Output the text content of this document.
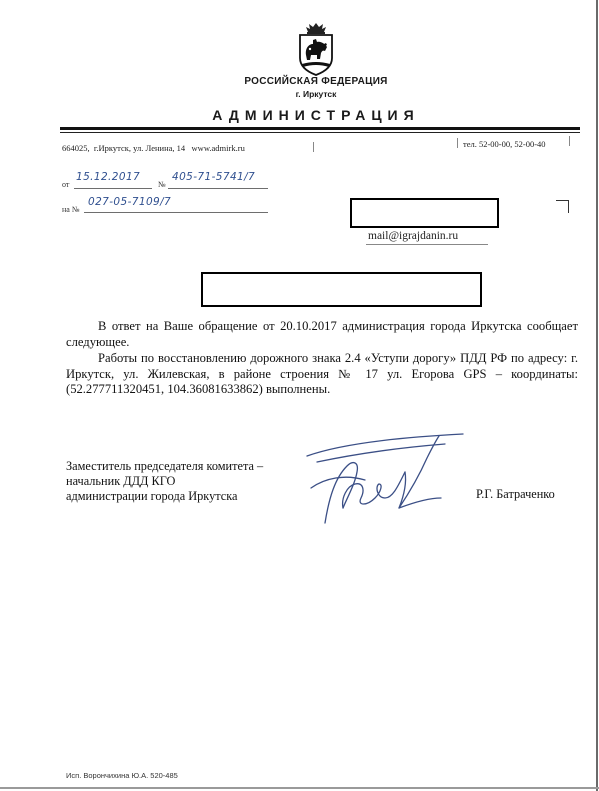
РОССИЙСКАЯ ФЕДЕРАЦИЯ
г. Иркутск
АДМИНИСТРАЦИЯ
664025,  г.Иркутск, ул. Ленина, 14 www.admirk.ru	тел. 52-00-00, 52-00-40
от
15.12.2017
№
405-71-5741/7
на №
027-05-7109/7
mail@igrajdanin.ru
В ответ на Ваше обращение от 20.10.2017 администрация города Иркутска сообщает следующее.
Работы по восстановлению дорожного знака 2.4 «Уступи дорогу» ПДД РФ по адресу: г. Иркутск, ул. Жилевская, в районе строения № 17 ул. Егорова GPS – координаты: (52.277711320451, 104.36081633862) выполнены.
Заместитель председателя комитета –
начальник ДДД КГО
администрации города Иркутска	Р.Г. Батраченко
Исп. Ворончихина Ю.А. 520-485
